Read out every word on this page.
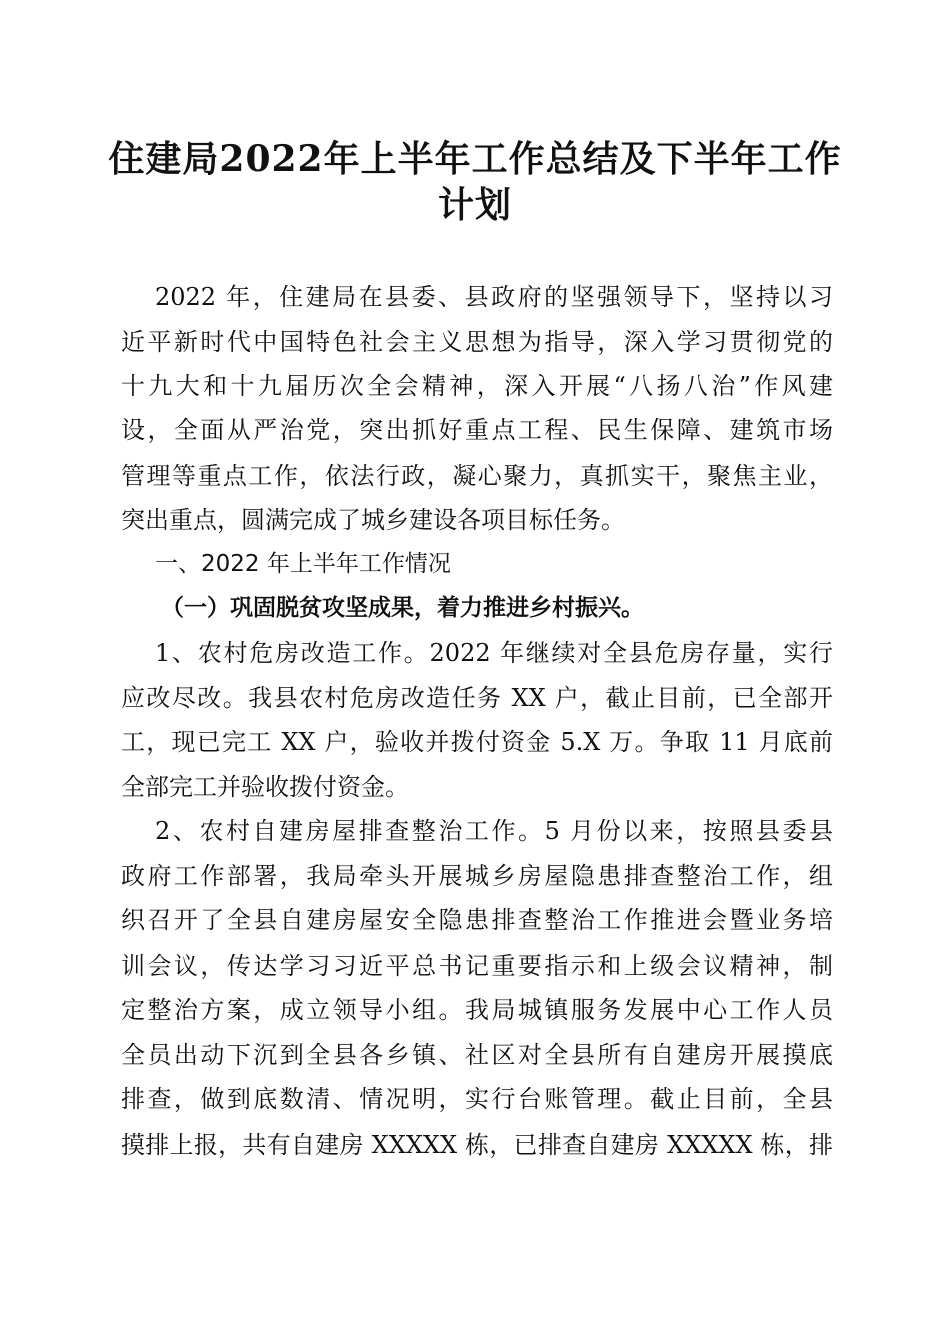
住建局2022年上半年工作总结及下半年工作
计划

2022 年，住建局在县委、县政府的坚强领导下，坚持以习

近平新时代中国特色社会主义思想为指导，深入学习贯彻党的

十九大和十九届历次全会精神，深入开展“八扬八治”作风建

设，全面从严治党，突出抓好重点工程、民生保障、建筑市场

管理等重点工作，依法行政，凝心聚力，真抓实干，聚焦主业，

突出重点，圆满完成了城乡建设各项目标任务。

一、2022 年上半年工作情况

（一）巩固脱贫攻坚成果，着力推进乡村振兴。

1、农村危房改造工作。2022 年继续对全县危房存量，实行

应改尽改。我县农村危房改造任务 XX 户，截止目前，已全部开

工，现已完工 XX 户，验收并拨付资金 5.X 万。争取 11 月底前

全部完工并验收拨付资金。

2、农村自建房屋排查整治工作。5 月份以来，按照县委县

政府工作部署，我局牵头开展城乡房屋隐患排查整治工作，组

织召开了全县自建房屋安全隐患排查整治工作推进会暨业务培

训会议，传达学习习近平总书记重要指示和上级会议精神，制

定整治方案，成立领导小组。我局城镇服务发展中心工作人员

全员出动下沉到全县各乡镇、社区对全县所有自建房开展摸底

排查，做到底数清、情况明，实行台账管理。截止目前，全县

摸排上报，共有自建房 XXXXX 栋，已排查自建房 XXXXX 栋，排
